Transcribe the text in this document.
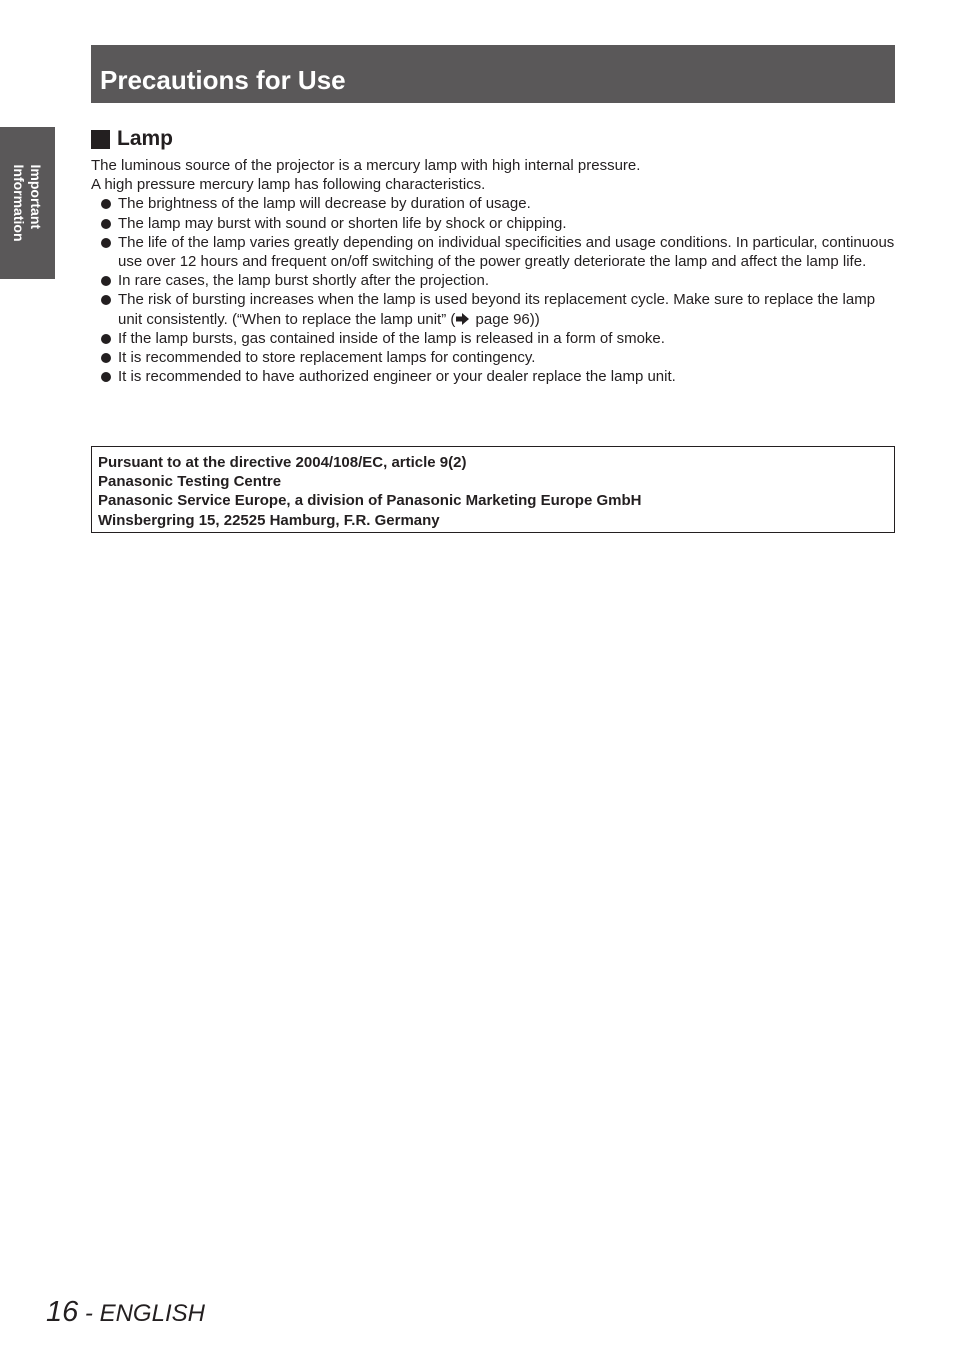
Precautions for Use
Important
Information
Lamp

The luminous source of the projector is a mercury lamp with high internal pressure.

A high pressure mercury lamp has following characteristics.

The brightness of the lamp will decrease by duration of usage.
The lamp may burst with sound or shorten life by shock or chipping.
The life of the lamp varies greatly depending on individual specificities and usage conditions. In particular, continuous use over 12 hours and frequent on/off switching of the power greatly deteriorate the lamp and affect the lamp life.
In rare cases, the lamp burst shortly after the projection.
The risk of bursting increases when the lamp is used beyond its replacement cycle. Make sure to replace the lamp unit consistently. (“When to replace the lamp unit” ( page 96))
If the lamp bursts, gas contained inside of the lamp is released in a form of smoke.
It is recommended to store replacement lamps for contingency.
It is recommended to have authorized engineer or your dealer replace the lamp unit.
Pursuant to at the directive 2004/108/EC, article 9(2)
Panasonic Testing Centre
Panasonic Service Europe, a division of Panasonic Marketing Europe GmbH
Winsbergring 15, 22525 Hamburg, F.R. Germany
16 - ENGLISH
